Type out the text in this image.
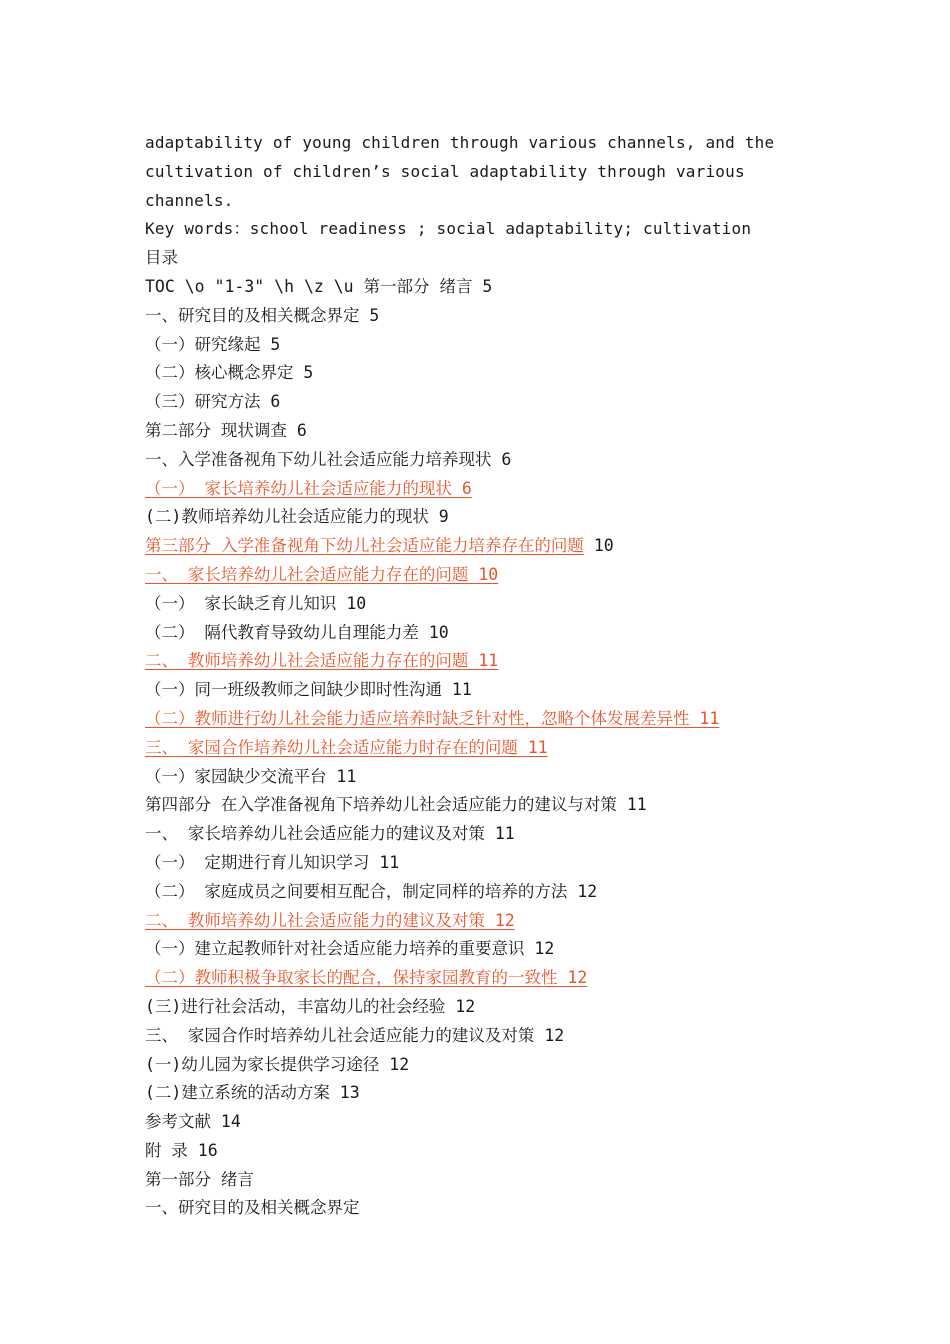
adaptability of young children through various channels, and the
cultivation of children’s social adaptability through various
channels.
Key words：school readiness ; social adaptability; cultivation
目录
TOC \o "1-3" \h \z \u 第一部分 绪言 5
一、研究目的及相关概念界定 5
（一）研究缘起 5
（二）核心概念界定 5
（三）研究方法 6
第二部分 现状调查 6
一、入学准备视角下幼儿社会适应能力培养现状 6
（一） 家长培养幼儿社会适应能力的现状 6
(二)教师培养幼儿社会适应能力的现状 9
第三部分 入学准备视角下幼儿社会适应能力培养存在的问题 10
一、 家长培养幼儿社会适应能力存在的问题 10
（一） 家长缺乏育儿知识 10
（二） 隔代教育导致幼儿自理能力差 10
二、 教师培养幼儿社会适应能力存在的问题 11
（一）同一班级教师之间缺少即时性沟通 11
（二）教师进行幼儿社会能力适应培养时缺乏针对性，忽略个体发展差异性 11
三、 家园合作培养幼儿社会适应能力时存在的问题 11
（一）家园缺少交流平台 11
第四部分 在入学准备视角下培养幼儿社会适应能力的建议与对策 11
一、 家长培养幼儿社会适应能力的建议及对策 11
（一） 定期进行育儿知识学习 11
（二） 家庭成员之间要相互配合，制定同样的培养的方法 12
二、 教师培养幼儿社会适应能力的建议及对策 12
（一）建立起教师针对社会适应能力培养的重要意识 12
（二）教师积极争取家长的配合，保持家园教育的一致性 12
(三)进行社会活动，丰富幼儿的社会经验 12
三、 家园合作时培养幼儿社会适应能力的建议及对策 12
(一)幼儿园为家长提供学习途径 12
(二)建立系统的活动方案 13
参考文献 14
附 录 16
第一部分 绪言
一、研究目的及相关概念界定
